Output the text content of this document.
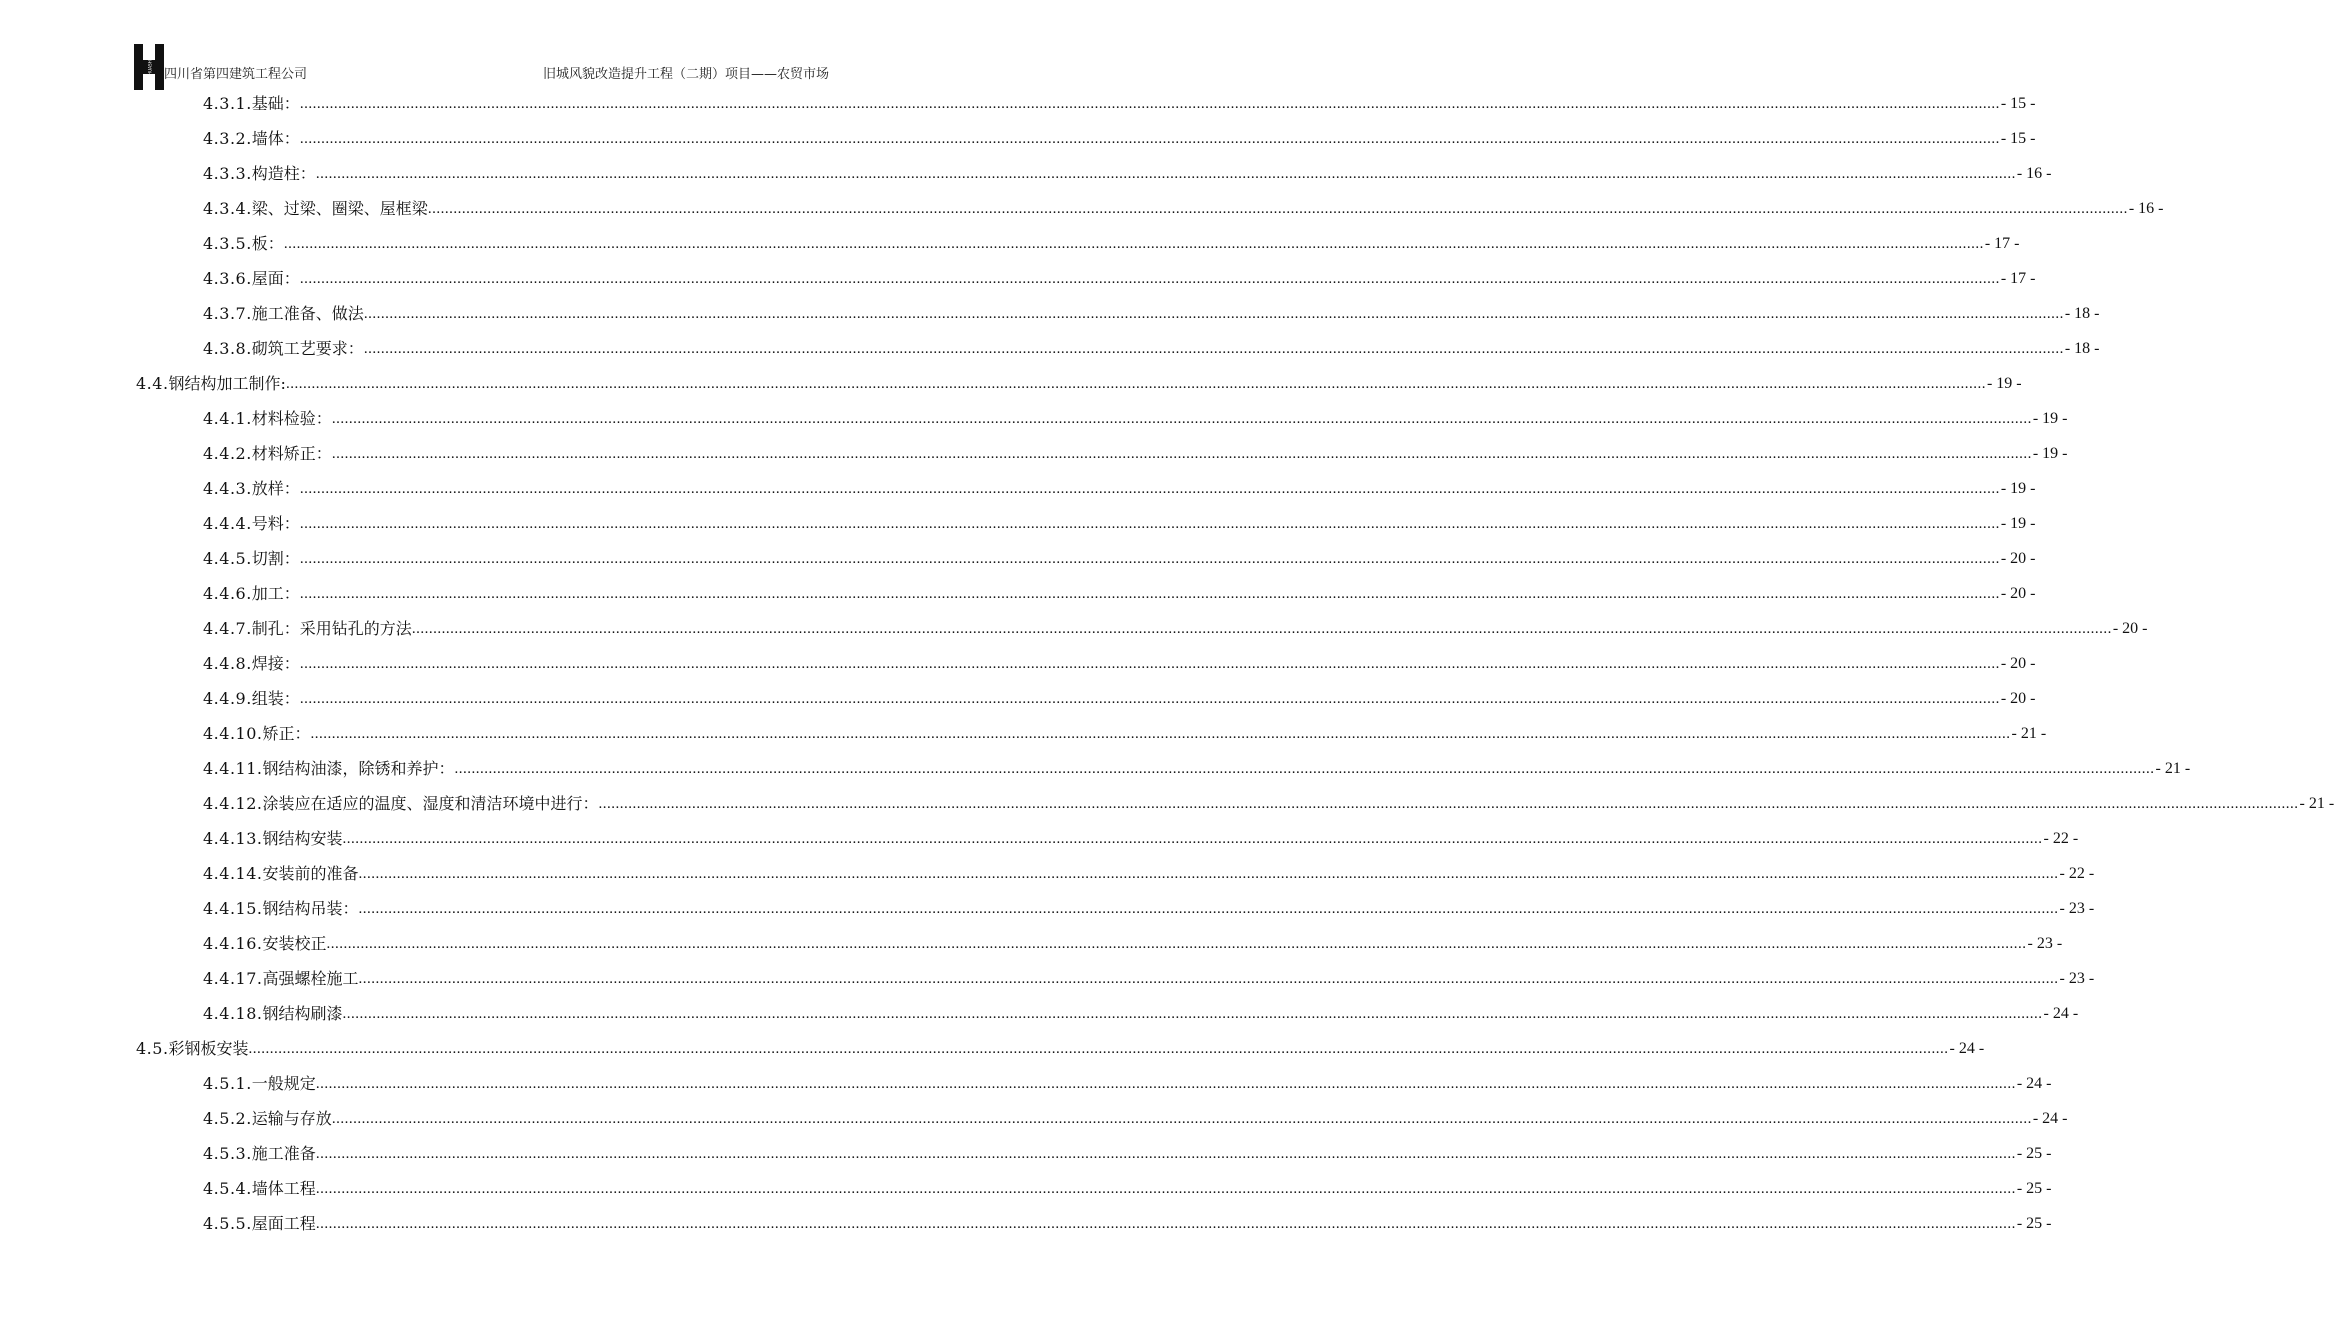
HUASHI 四川省第四建筑工程公司	旧城风貌改造提升工程（二期）项目——农贸市场
4.3.1. 基础： ................................................................................................................................................................................................................................................................................................................................................................................................................ - 15 -
4.3.2. 墙体： ................................................................................................................................................................................................................................................................................................................................................................................................................ - 15 -
4.3.3. 构造柱： ................................................................................................................................................................................................................................................................................................................................................................................................................ - 16 -
4.3.4. 梁、过梁、圈梁、屋框梁 ................................................................................................................................................................................................................................................................................................................................................................................................................ - 16 -
4.3.5. 板： ................................................................................................................................................................................................................................................................................................................................................................................................................ - 17 -
4.3.6. 屋面： ................................................................................................................................................................................................................................................................................................................................................................................................................ - 17 -
4.3.7. 施工准备、做法 ................................................................................................................................................................................................................................................................................................................................................................................................................ - 18 -
4.3.8. 砌筑工艺要求： ................................................................................................................................................................................................................................................................................................................................................................................................................ - 18 -
4.4. 钢结构加工制作: ................................................................................................................................................................................................................................................................................................................................................................................................................ - 19 -
4.4.1. 材料检验： ................................................................................................................................................................................................................................................................................................................................................................................................................ - 19 -
4.4.2. 材料矫正： ................................................................................................................................................................................................................................................................................................................................................................................................................ - 19 -
4.4.3. 放样： ................................................................................................................................................................................................................................................................................................................................................................................................................ - 19 -
4.4.4. 号料： ................................................................................................................................................................................................................................................................................................................................................................................................................ - 19 -
4.4.5. 切割： ................................................................................................................................................................................................................................................................................................................................................................................................................ - 20 -
4.4.6. 加工： ................................................................................................................................................................................................................................................................................................................................................................................................................ - 20 -
4.4.7. 制孔：采用钻孔的方法 ................................................................................................................................................................................................................................................................................................................................................................................................................ - 20 -
4.4.8. 焊接： ................................................................................................................................................................................................................................................................................................................................................................................................................ - 20 -
4.4.9. 组装： ................................................................................................................................................................................................................................................................................................................................................................................................................ - 20 -
4.4.10. 矫正： ................................................................................................................................................................................................................................................................................................................................................................................................................ - 21 -
4.4.11. 钢结构油漆，除锈和养护： ................................................................................................................................................................................................................................................................................................................................................................................................................ - 21 -
4.4.12. 涂装应在适应的温度、湿度和清洁环境中进行： ................................................................................................................................................................................................................................................................................................................................................................................................................ - 21 -
4.4.13. 钢结构安装 ................................................................................................................................................................................................................................................................................................................................................................................................................ - 22 -
4.4.14. 安装前的准备 ................................................................................................................................................................................................................................................................................................................................................................................................................ - 22 -
4.4.15. 钢结构吊装： ................................................................................................................................................................................................................................................................................................................................................................................................................ - 23 -
4.4.16. 安装校正 ................................................................................................................................................................................................................................................................................................................................................................................................................ - 23 -
4.4.17. 高强螺栓施工 ................................................................................................................................................................................................................................................................................................................................................................................................................ - 23 -
4.4.18. 钢结构刷漆 ................................................................................................................................................................................................................................................................................................................................................................................................................ - 24 -
4.5. 彩钢板安装 ................................................................................................................................................................................................................................................................................................................................................................................................................ - 24 -
4.5.1. 一般规定 ................................................................................................................................................................................................................................................................................................................................................................................................................ - 24 -
4.5.2. 运输与存放 ................................................................................................................................................................................................................................................................................................................................................................................................................ - 24 -
4.5.3. 施工准备 ................................................................................................................................................................................................................................................................................................................................................................................................................ - 25 -
4.5.4. 墙体工程 ................................................................................................................................................................................................................................................................................................................................................................................................................ - 25 -
4.5.5. 屋面工程 ................................................................................................................................................................................................................................................................................................................................................................................................................ - 25 -
